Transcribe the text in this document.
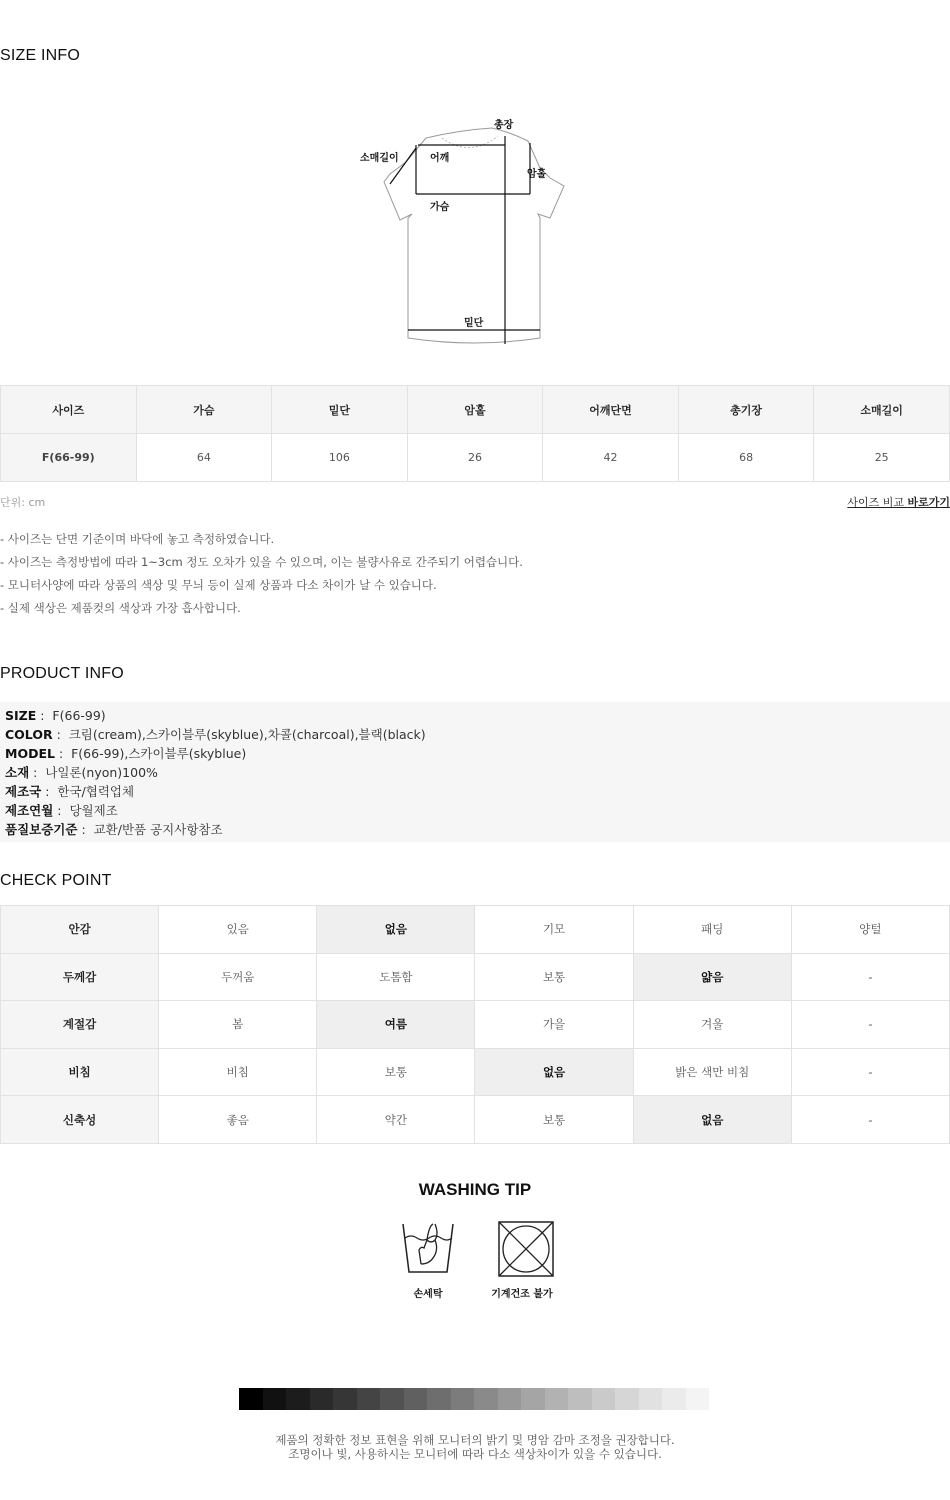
SIZE INFO
총장
소매길이	어깨
암홀
가슴
밑단
사이즈	가슴	밑단	암홀	어깨단면	총기장	소매길이
F(66-99)	64	106	26	42	68	25
단위: cm	사이즈 비교 바로가기
- 사이즈는 단면 기준이며 바닥에 놓고 측정하였습니다.
- 사이즈는 측정방법에 따라 1~3cm 정도 오차가 있을 수 있으며, 이는 불량사유로 간주되기 어렵습니다.
- 모니터사양에 따라 상품의 색상 및 무늬 등이 실제 상품과 다소 차이가 날 수 있습니다.
- 실제 색상은 제품컷의 색상과 가장 흡사합니다.
PRODUCT INFO
SIZE : F(66-99)
COLOR : 크림(cream),스카이블루(skyblue),차콜(charcoal),블랙(black)
MODEL : F(66-99),스카이블루(skyblue)
소재 : 나일론(nyon)100%
제조국 : 한국/협력업체
제조연월 : 당월제조
품질보증기준 : 교환/반품 공지사항참조
CHECK POINT
안감	있음	없음	기모	패딩	양털
두께감	두꺼움	도톰함	보통	얇음	-
계절감	봄	여름	가을	겨울	-
비침	비침	보통	없음	밝은 색만 비침	-
신축성	좋음	약간	보통	없음	-
WASHING TIP
손세탁	기계건조 불가
제품의 정확한 정보 표현을 위해 모니터의 밝기 및 명암 감마 조정을 권장합니다.
조명이나 빛, 사용하시는 모니터에 따라 다소 색상차이가 있을 수 있습니다.
